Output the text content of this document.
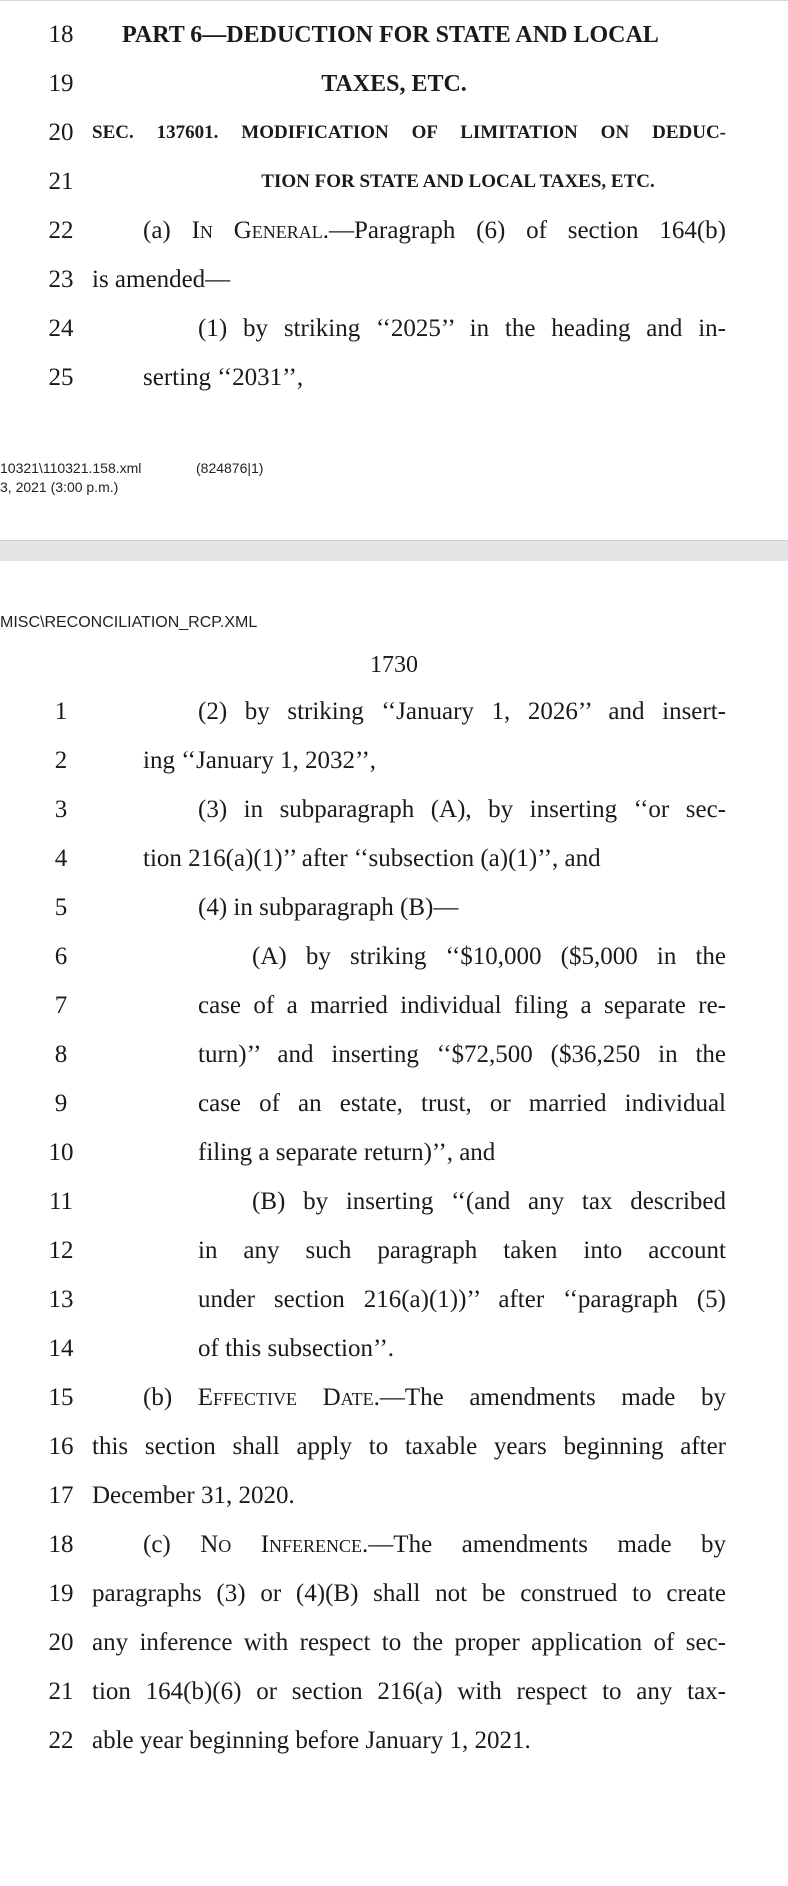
18	PART 6—DEDUCTION FOR STATE AND LOCAL
19	TAXES, ETC.
20 SEC. 137601. MODIFICATION OF LIMITATION ON DEDUC-
21	TION FOR STATE AND LOCAL TAXES, ETC.
22	(a) In General.—Paragraph (6) of section 164(b)
23 is amended—
24	(1) by striking ‘‘2025’’ in the heading and in-
25	serting ‘‘2031’’,
10321\110321.158.xml	(824876|1)
3, 2021 (3:00 p.m.)
MISC\RECONCILIATION_RCP.XML
1730
1	(2) by striking ‘‘January 1, 2026’’ and insert-
2	ing ‘‘January 1, 2032’’,
3	(3) in subparagraph (A), by inserting ‘‘or sec-
4	tion 216(a)(1)’’ after ‘‘subsection (a)(1)’’, and
5	(4) in subparagraph (B)—
6	(A) by striking ‘‘$10,000 ($5,000 in the
7	case of a married individual filing a separate re-
8	turn)’’ and inserting ‘‘$72,500 ($36,250 in the
9	case of an estate, trust, or married individual
10	filing a separate return)’’, and
11	(B) by inserting ‘‘(and any tax described
12	in any such paragraph taken into account
13	under section 216(a)(1))’’ after ‘‘paragraph (5)
14	of this subsection’’.
15	(b) Effective Date.—The amendments made by
16 this section shall apply to taxable years beginning after
17 December 31, 2020.
18	(c) No Inference.—The amendments made by
19 paragraphs (3) or (4)(B) shall not be construed to create
20 any inference with respect to the proper application of sec-
21 tion 164(b)(6) or section 216(a) with respect to any tax-
22 able year beginning before January 1, 2021.
